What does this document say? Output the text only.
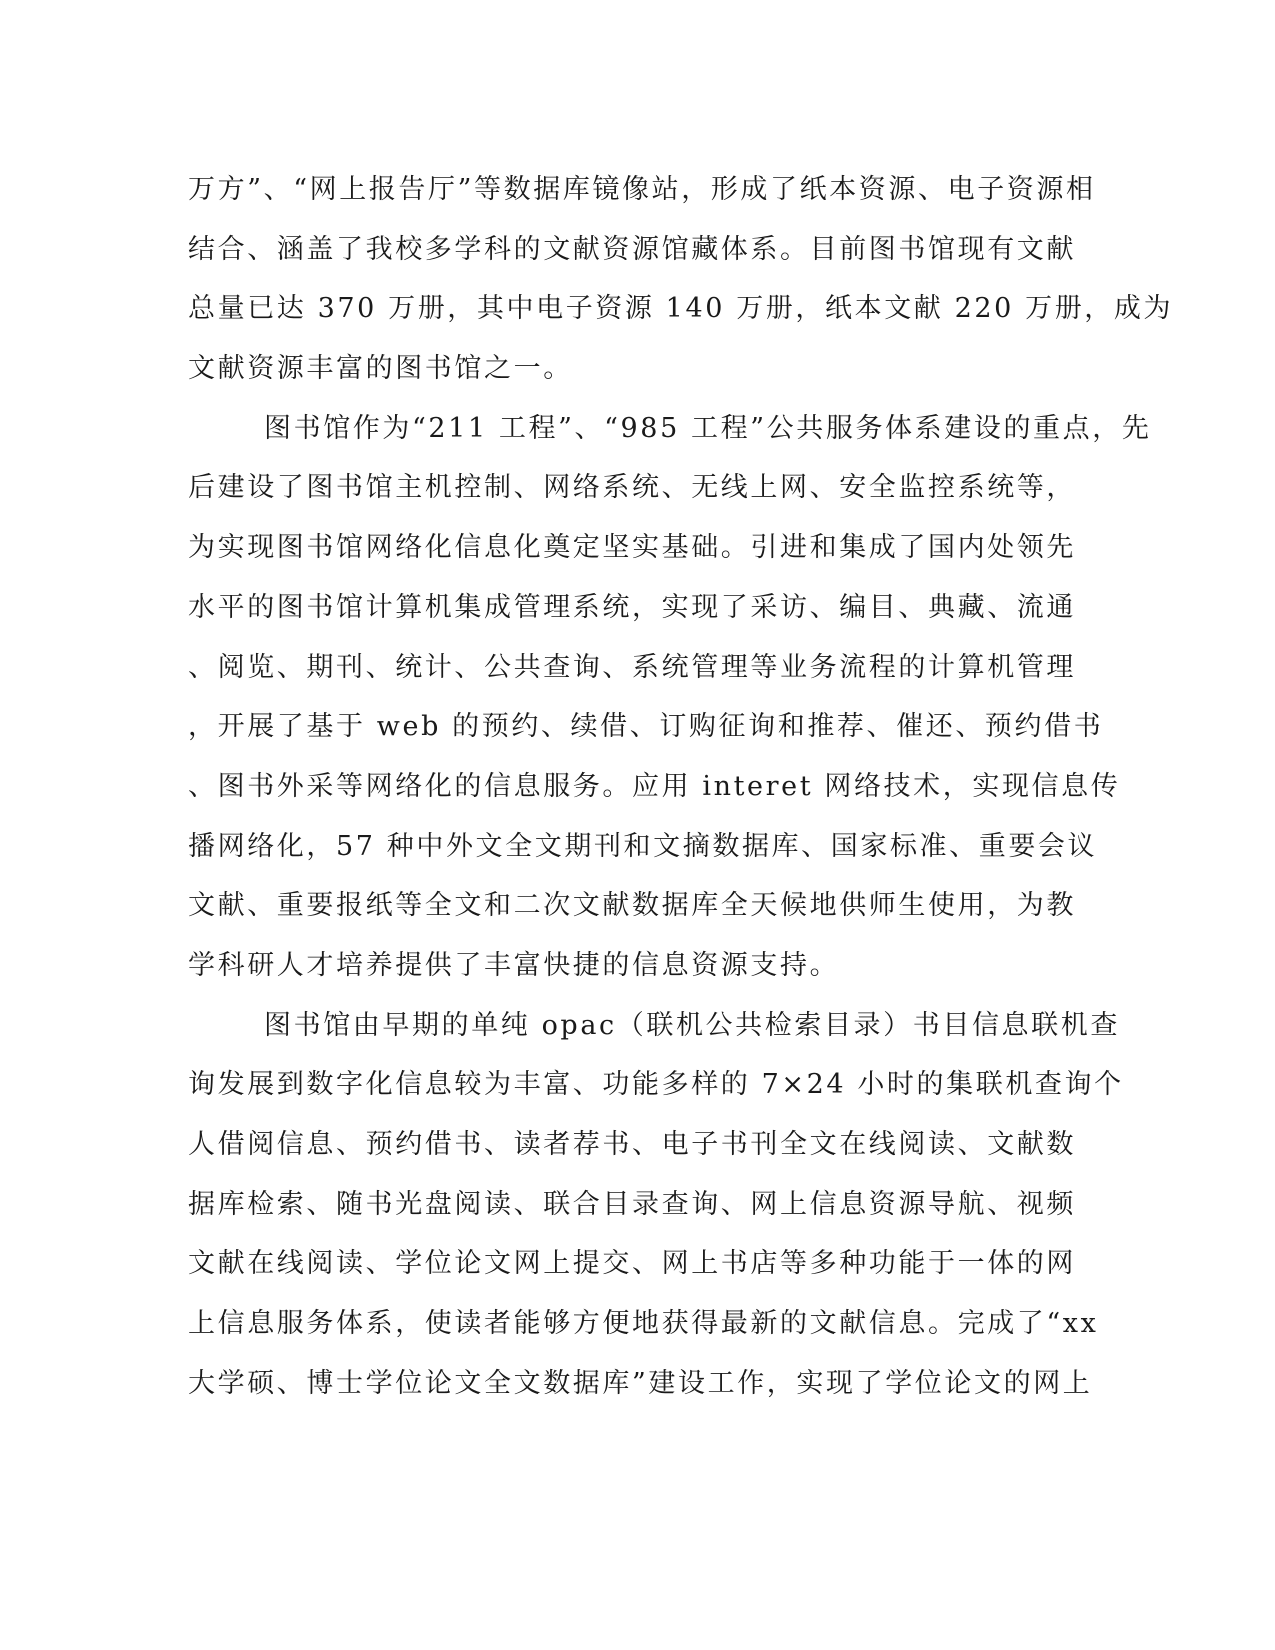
万方”、“网上报告厅”等数据库镜像站，形成了纸本资源、电子资源相
结合、涵盖了我校多学科的文献资源馆藏体系。目前图书馆现有文献
总量已达 370 万册，其中电子资源 140 万册，纸本文献 220 万册，成为
文献资源丰富的图书馆之一。
图书馆作为“211 工程”、“985 工程”公共服务体系建设的重点，先
后建设了图书馆主机控制、网络系统、无线上网、安全监控系统等，
为实现图书馆网络化信息化奠定坚实基础。引进和集成了国内处领先
水平的图书馆计算机集成管理系统，实现了采访、编目、典藏、流通
、阅览、期刊、统计、公共查询、系统管理等业务流程的计算机管理
，开展了基于 web 的预约、续借、订购征询和推荐、催还、预约借书
、图书外采等网络化的信息服务。应用 interet 网络技术，实现信息传
播网络化，57 种中外文全文期刊和文摘数据库、国家标准、重要会议
文献、重要报纸等全文和二次文献数据库全天候地供师生使用，为教
学科研人才培养提供了丰富快捷的信息资源支持。
图书馆由早期的单纯 opac（联机公共检索目录）书目信息联机查
询发展到数字化信息较为丰富、功能多样的 7×24 小时的集联机查询个
人借阅信息、预约借书、读者荐书、电子书刊全文在线阅读、文献数
据库检索、随书光盘阅读、联合目录查询、网上信息资源导航、视频
文献在线阅读、学位论文网上提交、网上书店等多种功能于一体的网
上信息服务体系，使读者能够方便地获得最新的文献信息。完成了“xx
大学硕、博士学位论文全文数据库”建设工作，实现了学位论文的网上
